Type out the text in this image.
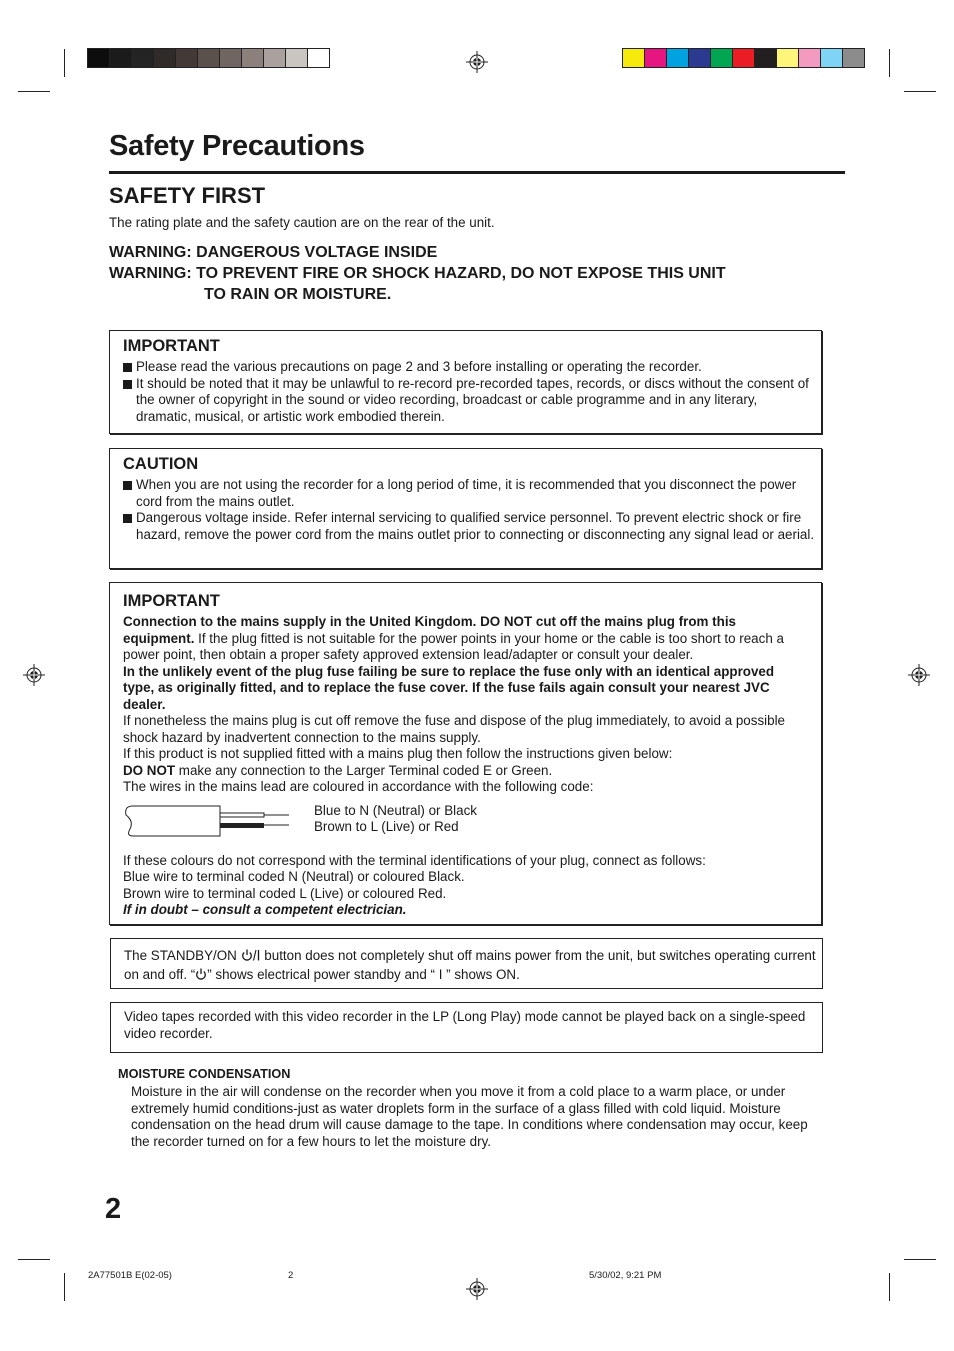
Safety Precautions
SAFETY FIRST
The rating plate and the safety caution are on the rear of the unit.
WARNING: DANGEROUS VOLTAGE INSIDE
WARNING: TO PREVENT FIRE OR SHOCK HAZARD, DO NOT EXPOSE THIS UNIT
TO RAIN OR MOISTURE.
IMPORTANT
Please read the various precautions on page 2 and 3 before installing or operating the recorder.
It should be noted that it may be unlawful to re-record pre-recorded tapes, records, or discs without the consent of the owner of copyright in the sound or video recording, broadcast or cable programme and in any literary, dramatic, musical, or artistic work embodied therein.
CAUTION
When you are not using the recorder for a long period of time, it is recommended that you disconnect the power cord from the mains outlet.
Dangerous voltage inside. Refer internal servicing to qualified service personnel. To prevent electric shock or fire hazard, remove the power cord from the mains outlet prior to connecting or disconnecting any signal lead or aerial.
IMPORTANT

Connection to the mains supply in the United Kingdom. DO NOT cut off the mains plug from this equipment. If the plug fitted is not suitable for the power points in your home or the cable is too short to reach a power point, then obtain a proper safety approved extension lead/adapter or consult your dealer.

In the unlikely event of the plug fuse failing be sure to replace the fuse only with an identical approved type, as originally fitted, and to replace the fuse cover. If the fuse fails again consult your nearest JVC dealer.

If nonetheless the mains plug is cut off remove the fuse and dispose of the plug immediately, to avoid a possible shock hazard by inadvertent connection to the mains supply.

If this product is not supplied fitted with a mains plug then follow the instructions given below:

DO NOT make any connection to the Larger Terminal coded E or Green.

The wires in the mains lead are coloured in accordance with the following code:

Blue to N (Neutral) or Black
Brown to L (Live) or Red

If these colours do not correspond with the terminal identifications of your plug, connect as follows:

Blue wire to terminal coded N (Neutral) or coloured Black.

Brown wire to terminal coded L (Live) or coloured Red.

If in doubt – consult a competent electrician.

The STANDBY/ON  button does not completely shut off mains power from the unit, but switches operating current on and off. “ ” shows electrical power standby and “ I ” shows ON.

Video tapes recorded with this video recorder in the LP (Long Play) mode cannot be played back on a single-speed video recorder.

MOISTURE CONDENSATION
Moisture in the air will condense on the recorder when you move it from a cold place to a warm place, or under extremely humid conditions-just as water droplets form in the surface of a glass filled with cold liquid. Moisture condensation on the head drum will cause damage to the tape. In conditions where condensation may occur, keep the recorder turned on for a few hours to let the moisture dry.
2
2A77501B E(02-05)	2	5/30/02, 9:21 PM
